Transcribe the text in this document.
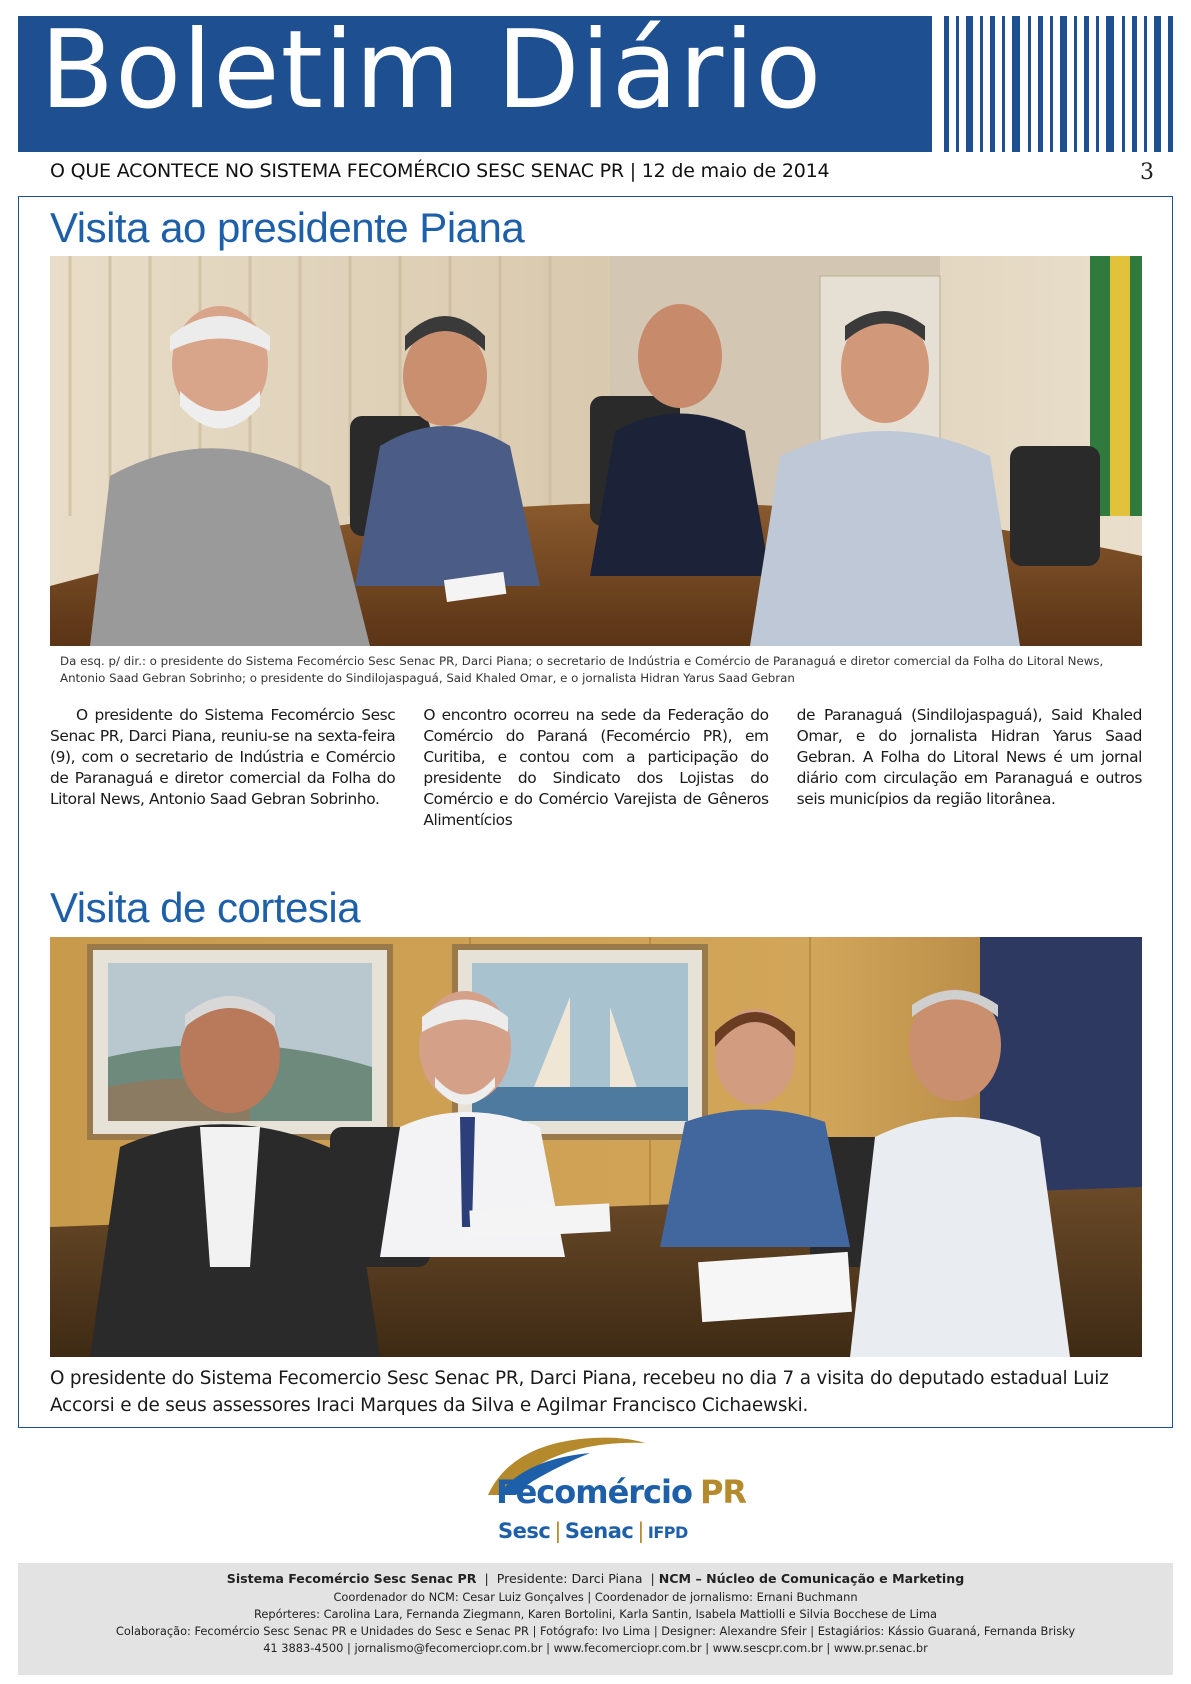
Boletim Diário
O QUE ACONTECE NO SISTEMA FECOMÉRCIO SESC SENAC PR | 12 de maio de 2014	3
Visita ao presidente Piana
Da esq. p/ dir.: o presidente do Sistema Fecomércio Sesc Senac PR, Darci Piana; o secretario de Indústria e Comércio de Paranaguá e diretor comercial da Folha do Litoral News, Antonio Saad Gebran Sobrinho; o presidente do Sindilojaspaguá, Said Khaled Omar, e o jornalista Hidran Yarus Saad Gebran

O presidente do Sistema Fecomércio Sesc Senac PR, Darci Piana, reuniu-se na sexta-feira (9), com o secretario de Indústria e Comércio de Paranaguá e diretor comercial da Folha do Litoral News, Antonio Saad Gebran Sobrinho.

O encontro ocorreu na sede da Federação do Comércio do Paraná (Fecomércio PR), em Curitiba, e contou com a participação do presidente do Sindicato dos Lojistas do Comércio e do Comércio Varejista de Gêneros Alimentícios

de Paranaguá (Sindilojaspaguá), Said Khaled Omar, e do jornalista Hidran Yarus Saad Gebran. A Folha do Litoral News é um jornal diário com circulação em Paranaguá e outros seis municípios da região litorânea.

Visita de cortesia
O presidente do Sistema Fecomercio Sesc Senac PR, Darci Piana, recebeu no dia 7 a visita do deputado estadual Luiz Accorsi e de seus assessores Iraci Marques da Silva e Agilmar Francisco Cichaewski.
Fecomércio PR
Sesc | Senac | IFPD
Sistema Fecomércio Sesc Senac PR | Presidente: Darci Piana | NCM – Núcleo de Comunicação e Marketing
Coordenador do NCM: Cesar Luiz Gonçalves | Coordenador de jornalismo: Ernani Buchmann
Repórteres: Carolina Lara, Fernanda Ziegmann, Karen Bortolini, Karla Santin, Isabela Mattiolli e Silvia Bocchese de Lima
Colaboração: Fecomércio Sesc Senac PR e Unidades do Sesc e Senac PR | Fotógrafo: Ivo Lima | Designer: Alexandre Sfeir | Estagiários: Kássio Guaraná, Fernanda Brisky
41 3883-4500 | jornalismo@fecomerciopr.com.br | www.fecomerciopr.com.br | www.sescpr.com.br | www.pr.senac.br
